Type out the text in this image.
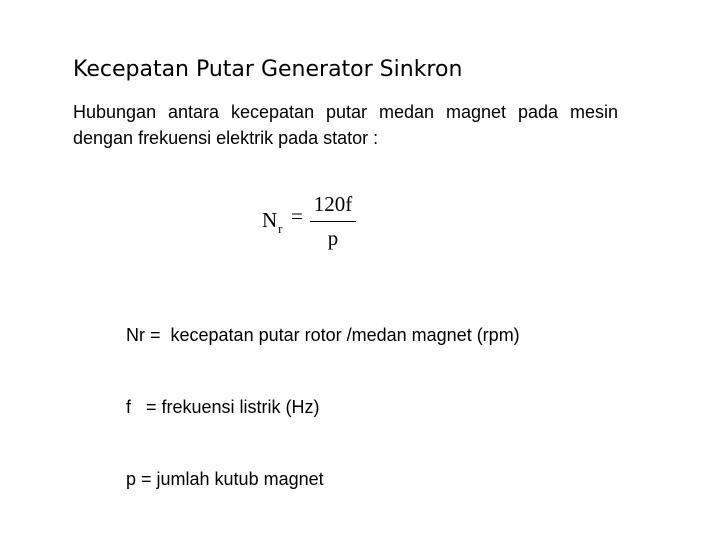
Kecepatan Putar Generator Sinkron
Hubungan antara kecepatan putar medan magnet pada mesin dengan frekuensi elektrik pada stator :
$N_r$
= 120f
p

Nr =  kecepatan putar rotor /medan magnet (rpm)

f   = frekuensi listrik (Hz)

p = jumlah kutub magnet
